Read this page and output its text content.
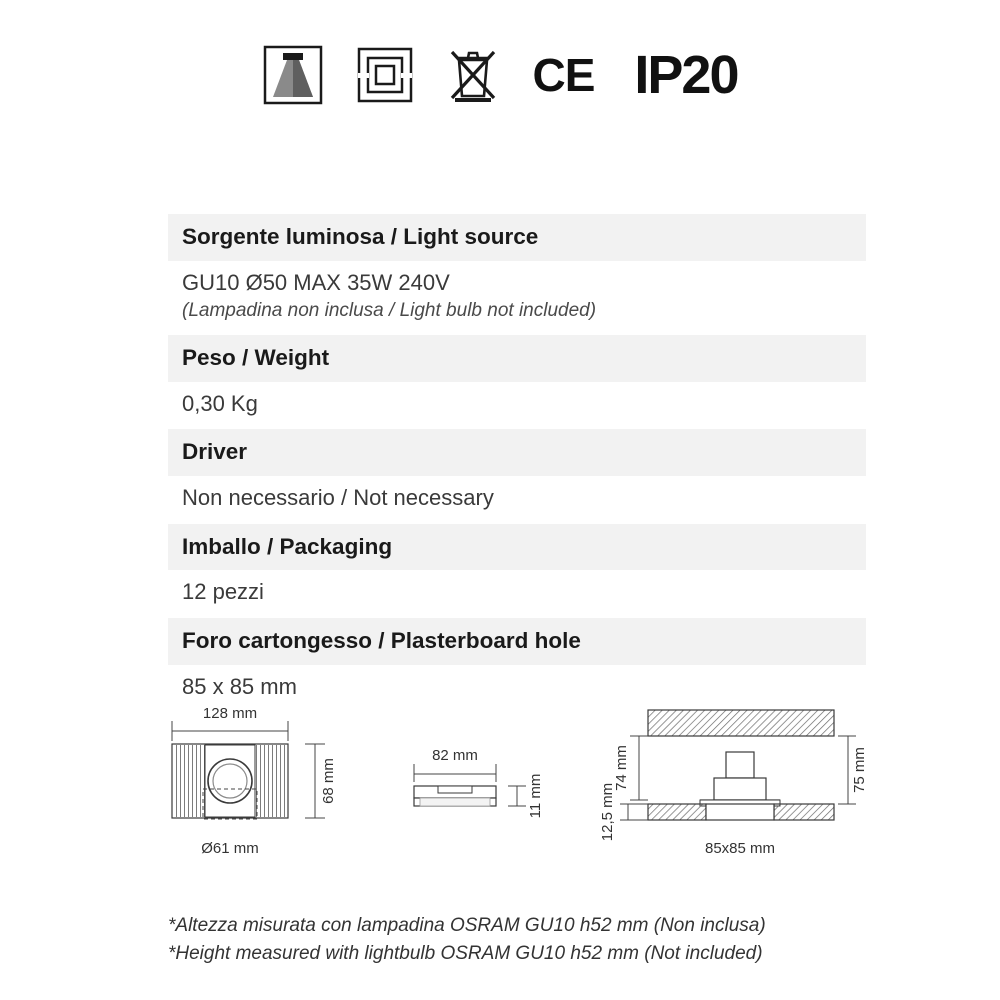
CE IP20
Sorgente luminosa / Light source
GU10 Ø50 MAX 35W 240V
(Lampadina non inclusa / Light bulb not included)
Peso / Weight
0,30 Kg
Driver
Non necessario / Not necessary
Imballo / Packaging
12 pezzi
Foro cartongesso / Plasterboard hole
85 x 85 mm
128 mm
68 mm
Ø61 mm
82 mm
11 mm
74 mm
12,5 mm
75 mm
85x85 mm
*Altezza misurata con lampadina OSRAM GU10 h52 mm (Non inclusa)
*Height measured with lightbulb OSRAM GU10 h52 mm (Not included)
